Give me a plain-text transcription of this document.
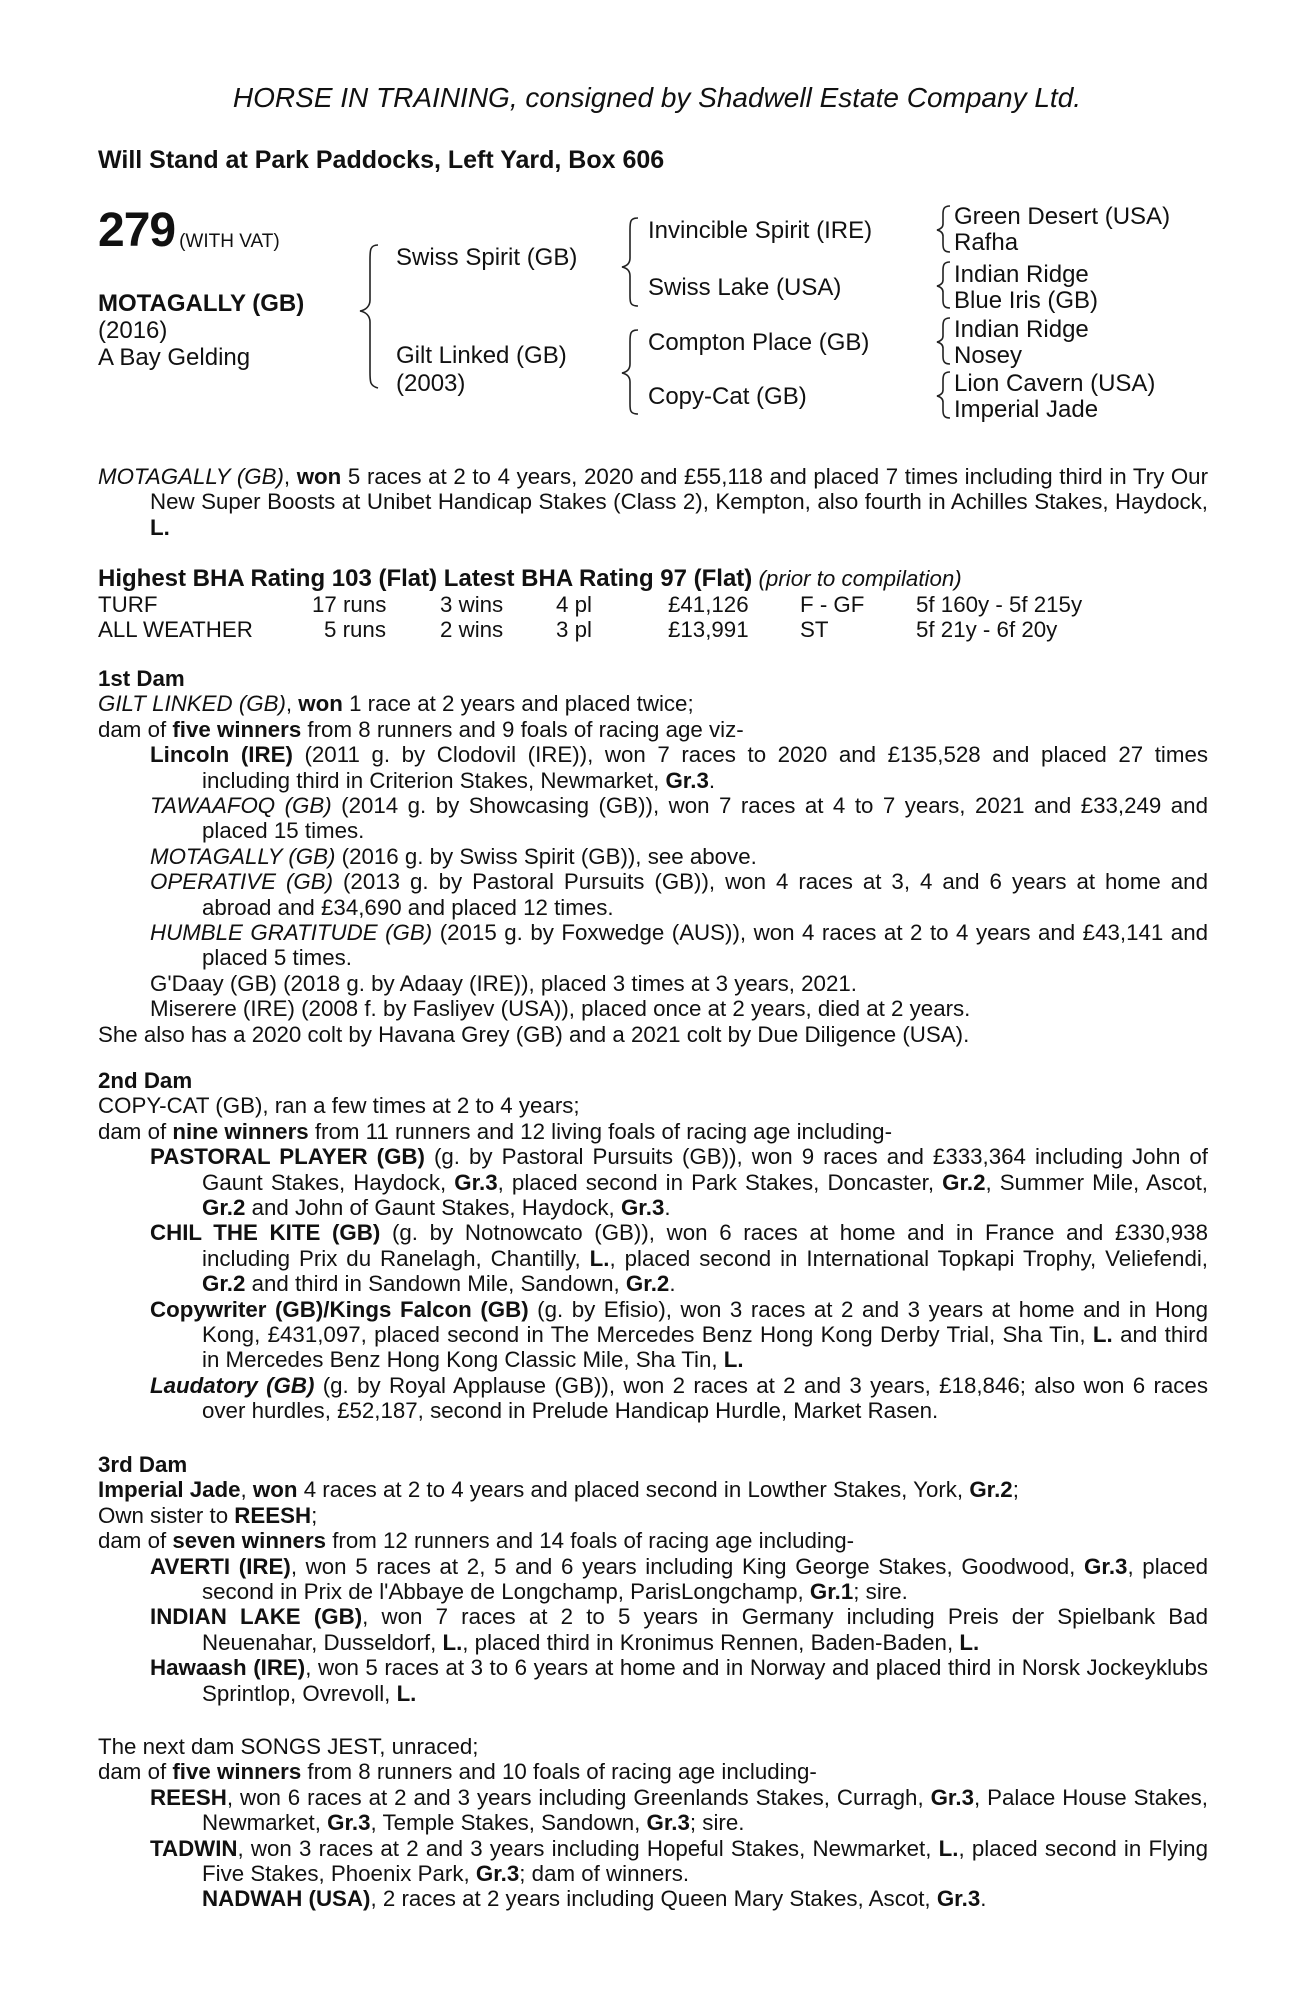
HORSE IN TRAINING, consigned by Shadwell Estate Company Ltd.
Will Stand at Park Paddocks, Left Yard, Box 606
279 (WITH VAT)
MOTAGALLY (GB)
(2016)
A Bay Gelding
Swiss Spirit (GB)
Gilt Linked (GB)
(2003)
Invincible Spirit (IRE)
Swiss Lake (USA)
Compton Place (GB)
Copy-Cat (GB)
Green Desert (USA)
Rafha
Indian Ridge
Blue Iris (GB)
Indian Ridge
Nosey
Lion Cavern (USA)
Imperial Jade

MOTAGALLY (GB), won 5 races at 2 to 4 years, 2020 and £55,118 and placed 7 times including third in Try Our New Super Boosts at Unibet Handicap Stakes (Class 2), Kempton, also fourth in Achilles Stakes, Haydock, L.

Highest BHA Rating 103 (Flat) Latest BHA Rating 97 (Flat) (prior to compilation)

TURF	17 runs 3 wins 4 pl	£41,126 F - GF 5f 160y - 5f 215y
ALL WEATHER	5 runs 2 wins 3 pl	£13,991 ST	5f 21y - 6f 20y

1st Dam

GILT LINKED (GB), won 1 race at 2 years and placed twice;

dam of five winners from 8 runners and 9 foals of racing age viz-

Lincoln (IRE) (2011 g. by Clodovil (IRE)), won 7 races to 2020 and £135,528 and placed 27 times including third in Criterion Stakes, Newmarket, Gr.3.

TAWAAFOQ (GB) (2014 g. by Showcasing (GB)), won 7 races at 4 to 7 years, 2021 and £33,249 and placed 15 times.

MOTAGALLY (GB) (2016 g. by Swiss Spirit (GB)), see above.

OPERATIVE (GB) (2013 g. by Pastoral Pursuits (GB)), won 4 races at 3, 4 and 6 years at home and abroad and £34,690 and placed 12 times.

HUMBLE GRATITUDE (GB) (2015 g. by Foxwedge (AUS)), won 4 races at 2 to 4 years and £43,141 and placed 5 times.

G'Daay (GB) (2018 g. by Adaay (IRE)), placed 3 times at 3 years, 2021.

Miserere (IRE) (2008 f. by Fasliyev (USA)), placed once at 2 years, died at 2 years.

She also has a 2020 colt by Havana Grey (GB) and a 2021 colt by Due Diligence (USA).

2nd Dam

COPY-CAT (GB), ran a few times at 2 to 4 years;

dam of nine winners from 11 runners and 12 living foals of racing age including-

PASTORAL PLAYER (GB) (g. by Pastoral Pursuits (GB)), won 9 races and £333,364 including John of Gaunt Stakes, Haydock, Gr.3, placed second in Park Stakes, Doncaster, Gr.2, Summer Mile, Ascot, Gr.2 and John of Gaunt Stakes, Haydock, Gr.3.

CHIL THE KITE (GB) (g. by Notnowcato (GB)), won 6 races at home and in France and £330,938 including Prix du Ranelagh, Chantilly, L., placed second in International Topkapi Trophy, Veliefendi, Gr.2 and third in Sandown Mile, Sandown, Gr.2.

Copywriter (GB)/Kings Falcon (GB) (g. by Efisio), won 3 races at 2 and 3 years at home and in Hong Kong, £431,097, placed second in The Mercedes Benz Hong Kong Derby Trial, Sha Tin, L. and third in Mercedes Benz Hong Kong Classic Mile, Sha Tin, L.

Laudatory (GB) (g. by Royal Applause (GB)), won 2 races at 2 and 3 years, £18,846; also won 6 races over hurdles, £52,187, second in Prelude Handicap Hurdle, Market Rasen.

3rd Dam

Imperial Jade, won 4 races at 2 to 4 years and placed second in Lowther Stakes, York, Gr.2;

Own sister to REESH;

dam of seven winners from 12 runners and 14 foals of racing age including-

AVERTI (IRE), won 5 races at 2, 5 and 6 years including King George Stakes, Goodwood, Gr.3, placed second in Prix de l'Abbaye de Longchamp, ParisLongchamp, Gr.1; sire.

INDIAN LAKE (GB), won 7 races at 2 to 5 years in Germany including Preis der Spielbank Bad Neuenahar, Dusseldorf, L., placed third in Kronimus Rennen, Baden-Baden, L.

Hawaash (IRE), won 5 races at 3 to 6 years at home and in Norway and placed third in Norsk Jockeyklubs Sprintlop, Ovrevoll, L.

The next dam SONGS JEST, unraced;

dam of five winners from 8 runners and 10 foals of racing age including-

REESH, won 6 races at 2 and 3 years including Greenlands Stakes, Curragh, Gr.3, Palace House Stakes, Newmarket, Gr.3, Temple Stakes, Sandown, Gr.3; sire.

TADWIN, won 3 races at 2 and 3 years including Hopeful Stakes, Newmarket, L., placed second in Flying Five Stakes, Phoenix Park, Gr.3; dam of winners.

NADWAH (USA), 2 races at 2 years including Queen Mary Stakes, Ascot, Gr.3.
